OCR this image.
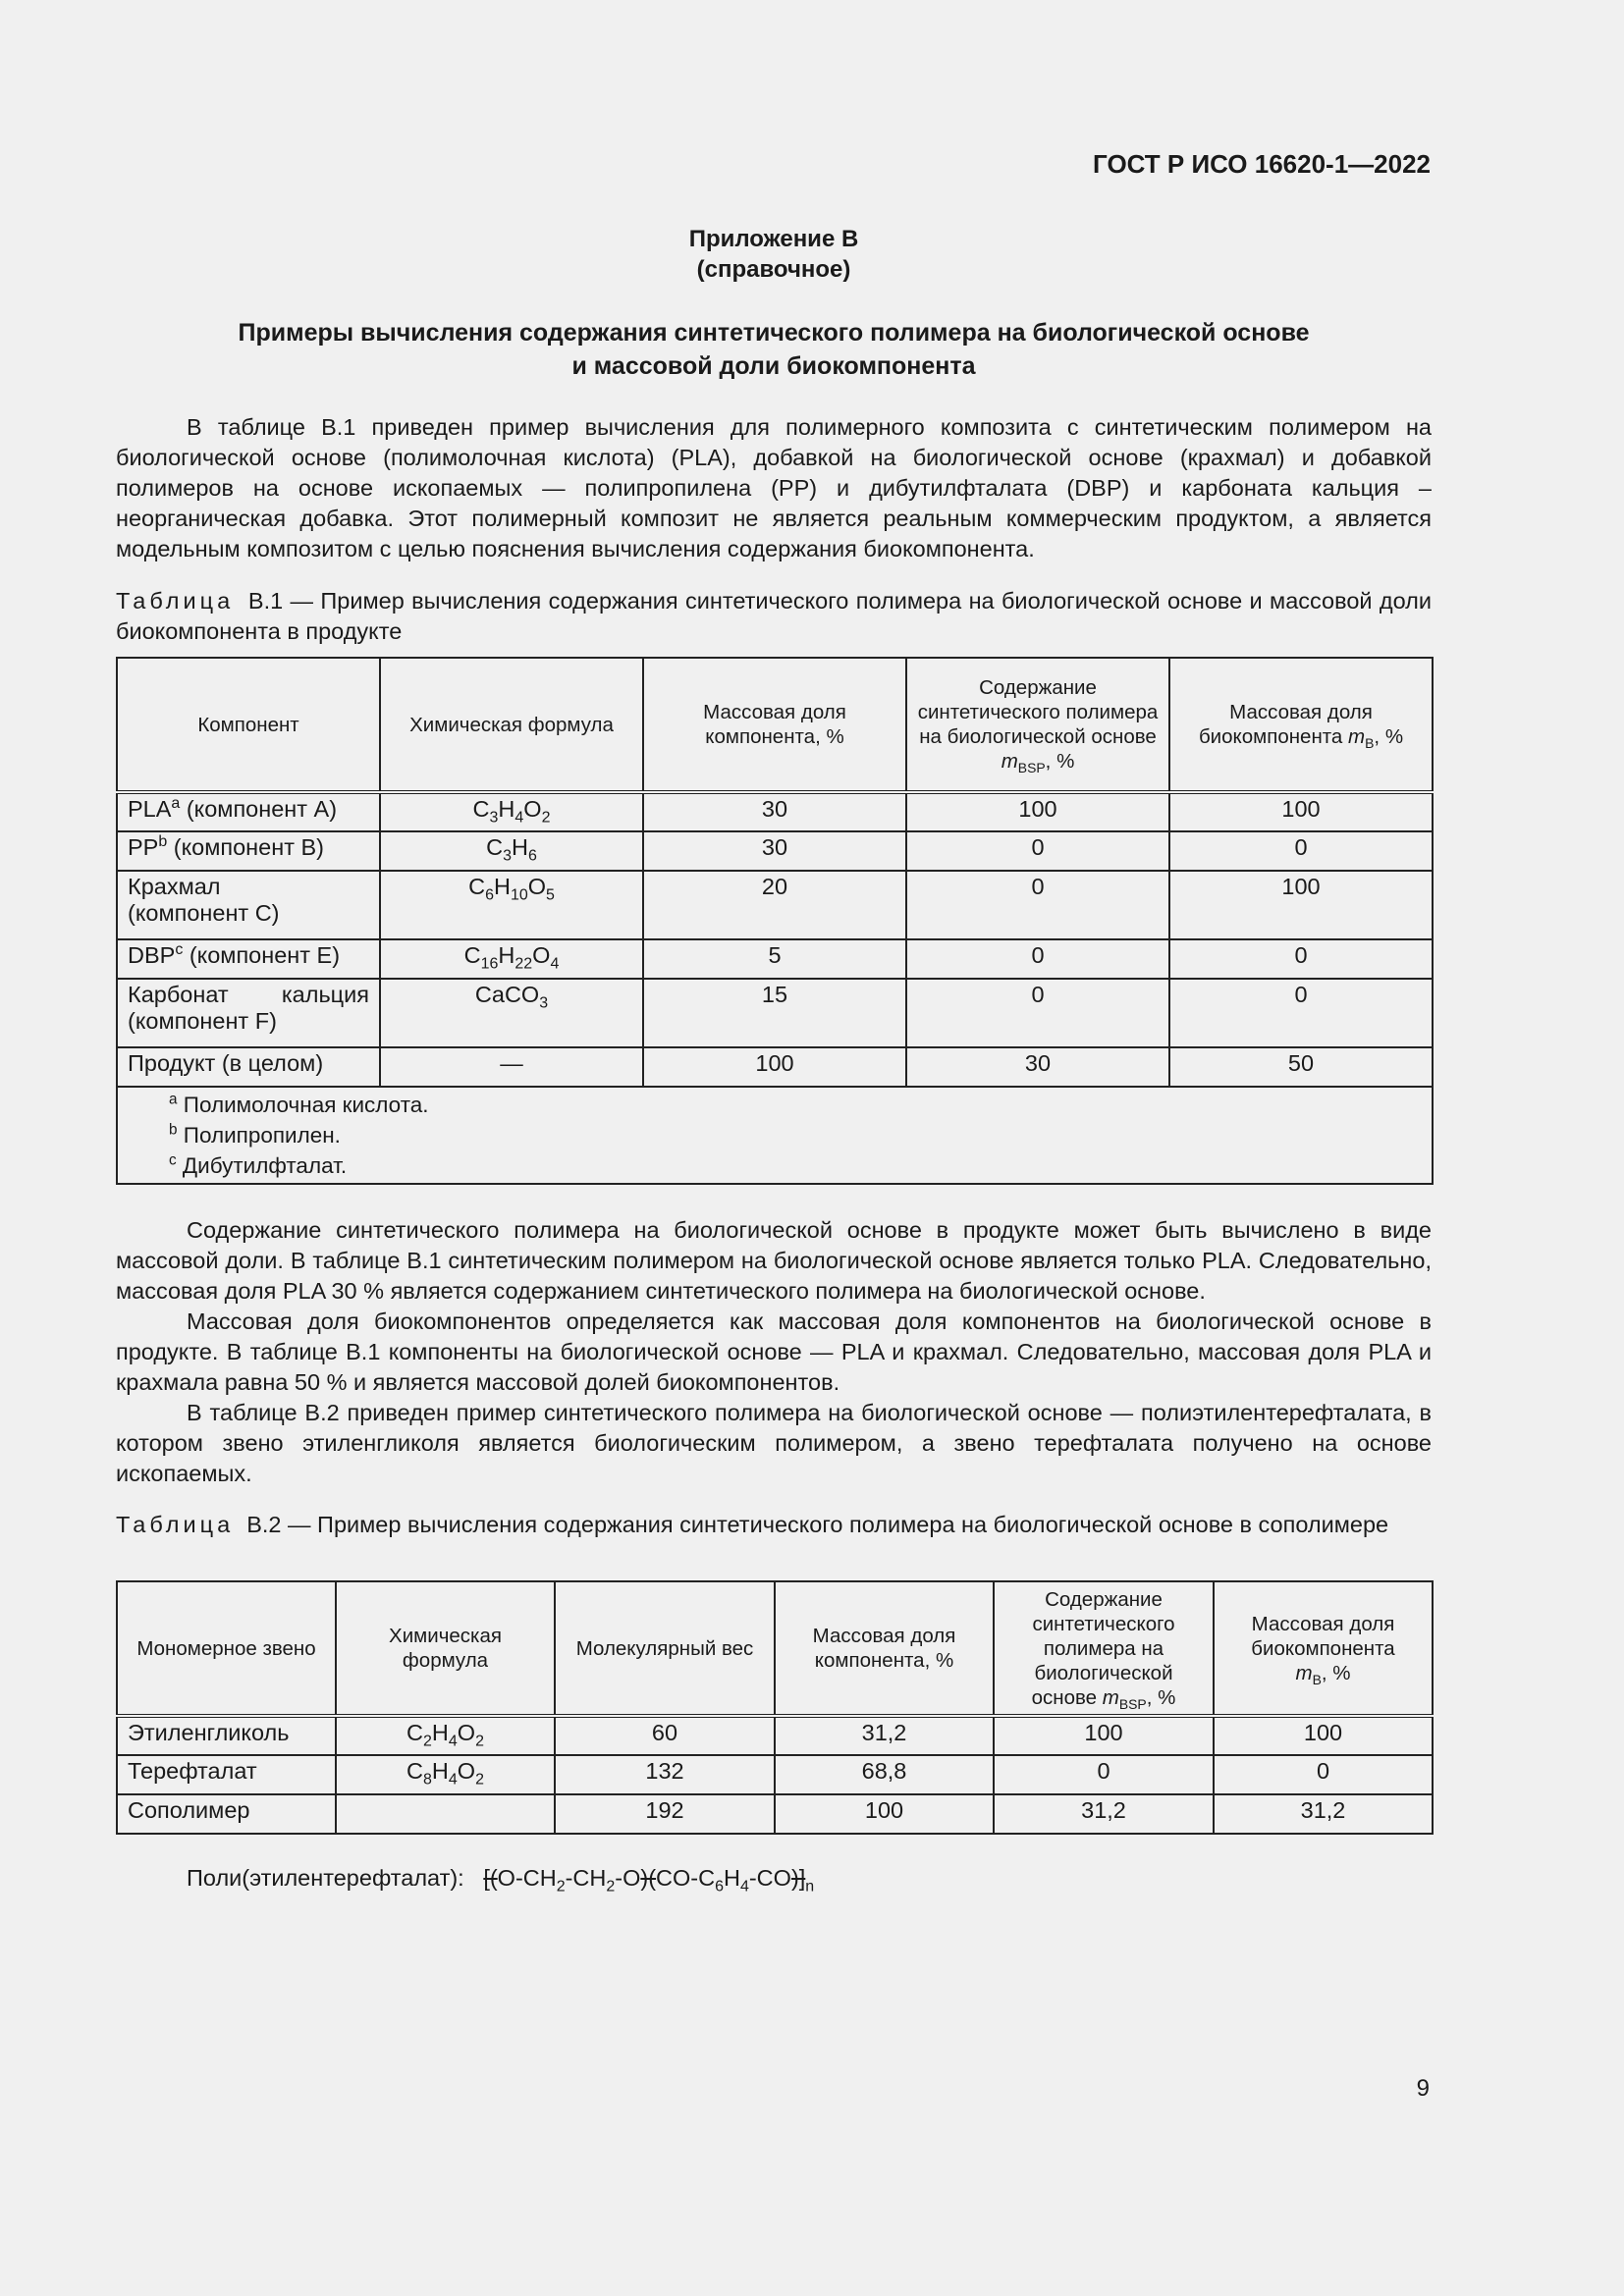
ГОСТ Р ИСО 16620-1—2022
Приложение В
(справочное)
Примеры вычисления содержания синтетического полимера на биологической основе
и массовой доли биокомпонента

В таблице В.1 приведен пример вычисления для полимерного композита с синтетическим полимером на биологической основе (полимолочная кислота) (PLA), добавкой на биологической основе (крахмал) и добавкой полимеров на основе ископаемых — полипропилена (PP) и дибутилфталата (DBP) и карбоната кальция – неорганическая добавка. Этот полимерный композит не является реальным коммерческим продуктом, а является модельным композитом с целью пояснения вычисления содержания биокомпонента.

Таблица В.1 — Пример вычисления содержания синтетического полимера на биологической основе и массовой доли биокомпонента в продукте
Компонент	Химическая формула	Массовая доля компонента, %	Содержание синтетического полимера на биологической основе
$m_{BSP}$, %	Массовая доля биокомпонента $m_B$, %
PLA$^a$ (компонент A)	$C_3H_4O_2$	30	100	100
$PP^b$ (компонент B)	$C_3H_6$	30	0	0

Крахмал
(компонент C)	$C_6H_{10}O_5$	20	0	100
DBP$^c$ (компонент E)	$C_{16}H_{22}O_4$	5	0	0

Карбонат кальция
(компонент F)	CaCO$_3$	15	0	0
Продукт (в целом)	—	100	30	50

$^a$ Полимолочная кислота.
$^b$ Полипропилен.
$^c$ Дибутилфталат.				

Содержание синтетического полимера на биологической основе в продукте может быть вычислено в виде массовой доли. В таблице В.1 синтетическим полимером на биологической основе является только PLA. Следовательно, массовая доля PLA 30 % является содержанием синтетического полимера на биологической основе.

Массовая доля биокомпонентов определяется как массовая доля компонентов на биологической основе в продукте. В таблице В.1 компоненты на биологической основе — PLA и крахмал. Следовательно, массовая доля PLA и крахмала равна 50 % и является массовой долей биокомпонентов.

В таблице В.2 приведен пример синтетического полимера на биологической основе — полиэтилентерефталата, в котором звено этиленгликоля является биологическим полимером, а звено терефталата получено на основе ископаемых.

Таблица В.2 — Пример вычисления содержания синтетического полимера на биологической основе в сополимере
Мономерное звено	Химическая формула	Молекулярный вес	Массовая доля компонента, %	Содержание синтетического полимера на биологической основе $m_{BSP}$, %	Массовая доля биокомпонента
$m_B$, %
Этиленгликоль	$C_2H_4O_2$	60	31,2	100	100
Терефталат	$C_8H_4O_2$	132	68,8	0	0
Сополимер		192	100	31,2	31,2
Поли(этилентерефталат): $[(O-CH_2-CH_2-O)(CO-C_6H_4-CO)]_n$
9
